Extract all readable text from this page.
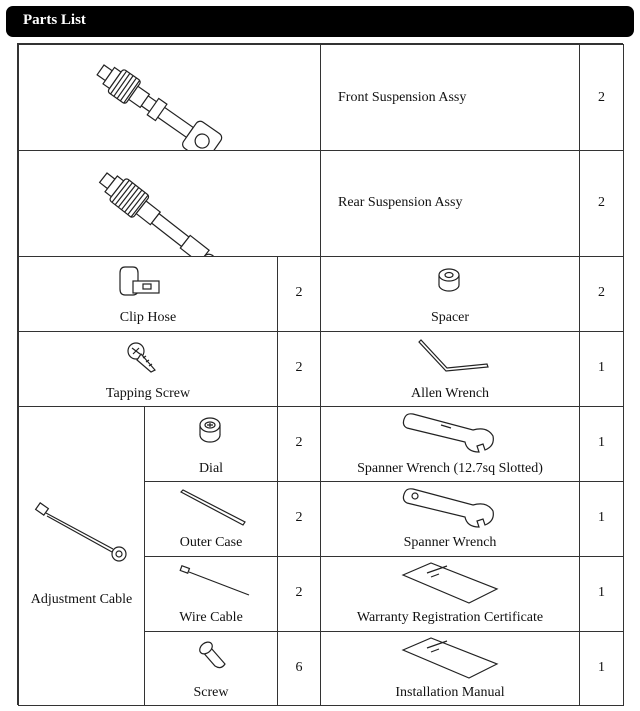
Parts List
Front Suspension Assy	2
Rear Suspension Assy	2
Clip Hose
2
Spacer
2
Tapping Screw
2
Allen Wrench
1
Adjustment Cable
Dial
2
Spanner Wrench (12.7sq Slotted)
1
Outer Case
2
Spanner Wrench
1
Wire Cable
2
Warranty Registration Certificate
1
Screw
6
Installation Manual
1
